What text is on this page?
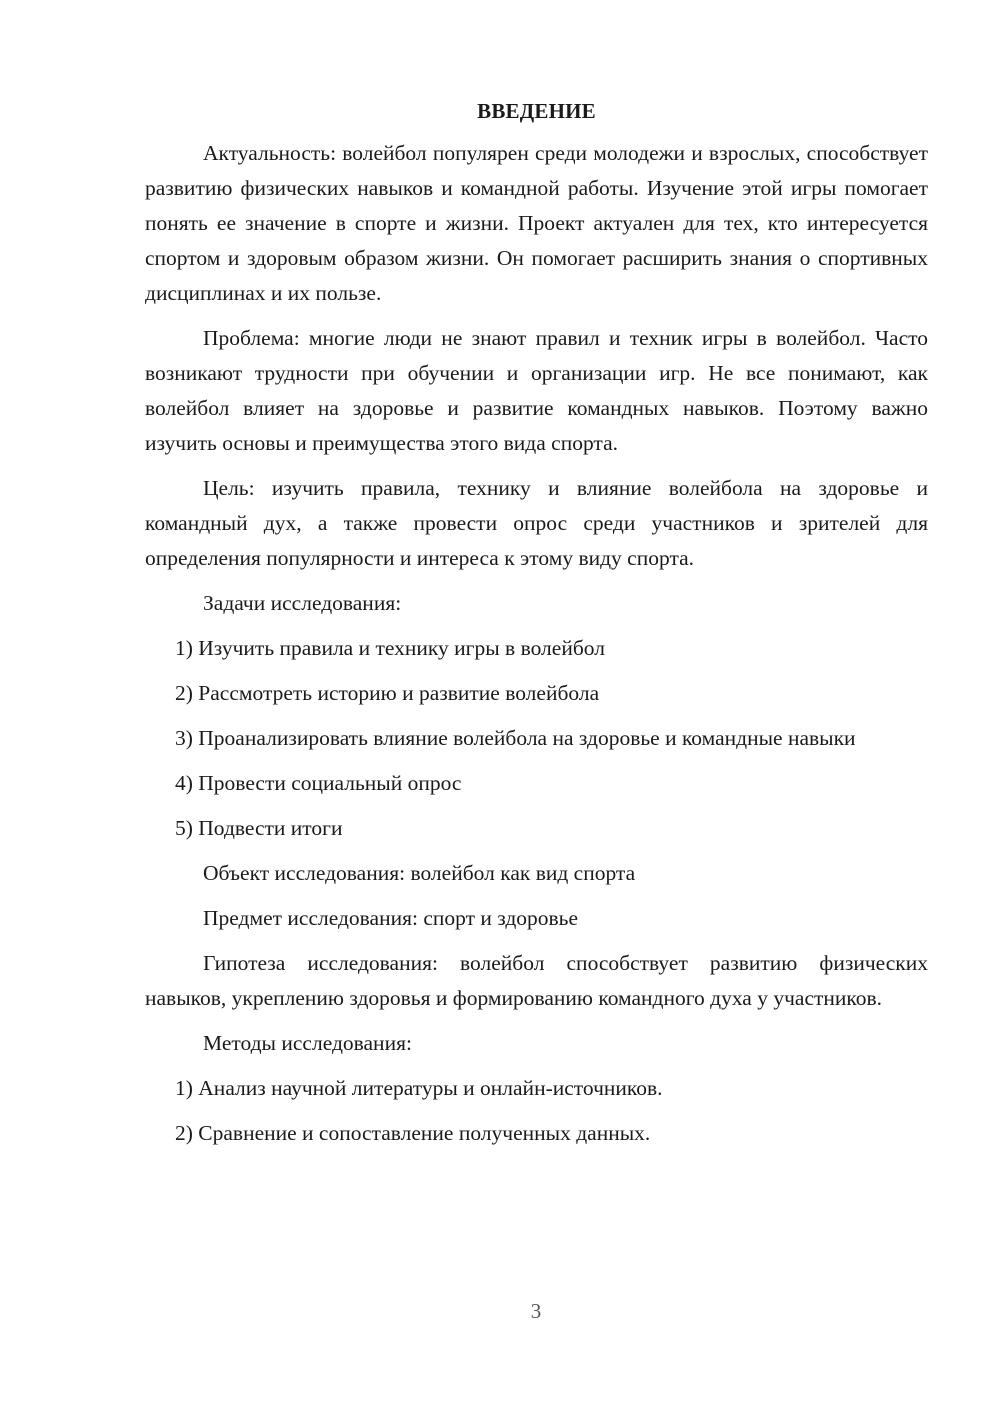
ВВЕДЕНИЕ
Актуальность: волейбол популярен среди молодежи и взрослых, способствует развитию физических навыков и командной работы. Изучение этой игры помогает понять ее значение в спорте и жизни. Проект актуален для тех, кто интересуется спортом и здоровым образом жизни. Он помогает расширить знания о спортивных дисциплинах и их пользе.
Проблема: многие люди не знают правил и техник игры в волейбол. Часто возникают трудности при обучении и организации игр. Не все понимают, как волейбол влияет на здоровье и развитие командных навыков. Поэтому важно изучить основы и преимущества этого вида спорта.
Цель: изучить правила, технику и влияние волейбола на здоровье и командный дух, а также провести опрос среди участников и зрителей для определения популярности и интереса к этому виду спорта.
Задачи исследования:
1) Изучить правила и технику игры в волейбол
2) Рассмотреть историю и развитие волейбола
3) Проанализировать влияние волейбола на здоровье и командные навыки
4) Провести социальный опрос
5) Подвести итоги
Объект исследования: волейбол как вид спорта
Предмет исследования: спорт и здоровье
Гипотеза исследования: волейбол способствует развитию физических навыков, укреплению здоровья и формированию командного духа у участников.
Методы исследования:
1) Анализ научной литературы и онлайн-источников.
2) Сравнение и сопоставление полученных данных.
3
